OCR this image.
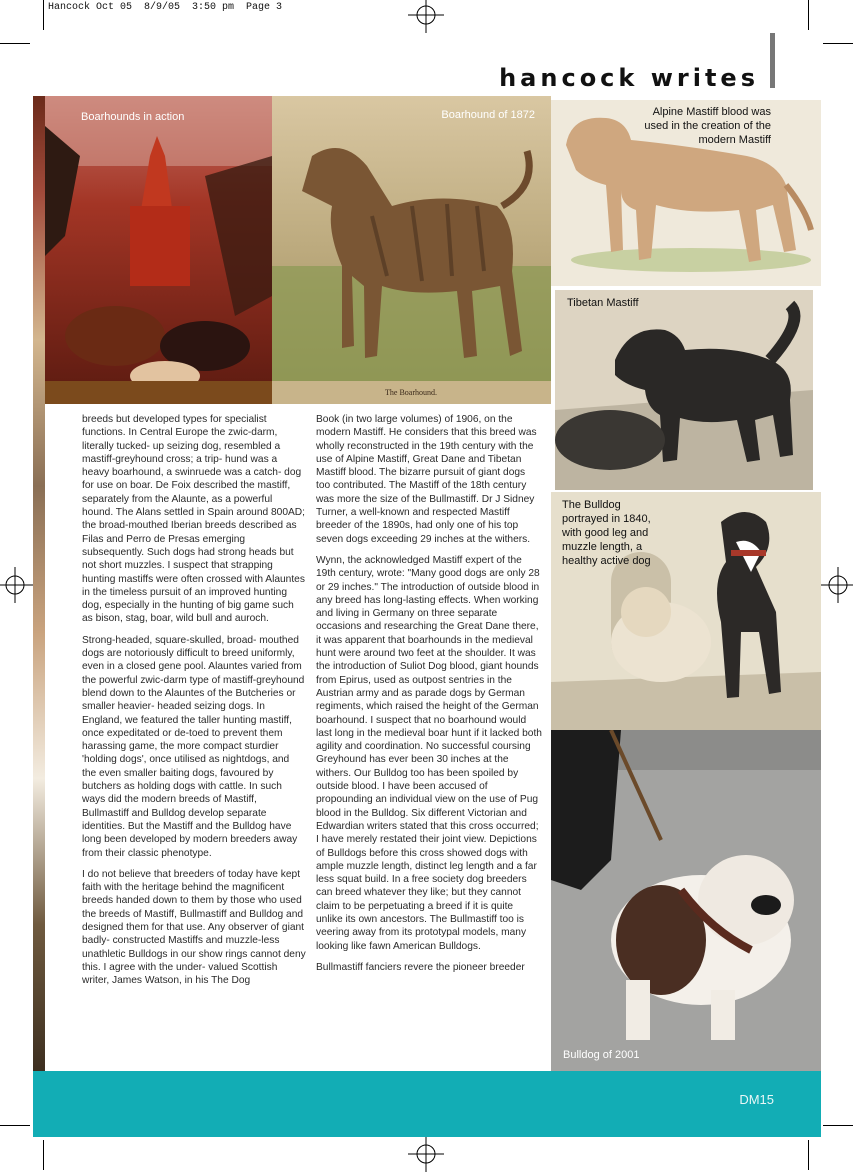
Hancock Oct 05  8/9/05  3:50 pm  Page 3
hancock writes
Boarhounds in action	Boarhound of 1872
The Boarhound.
Alpine Mastiff blood was used in the creation of the modern Mastiff
Tibetan Mastiff
The Bulldog portrayed in 1840, with good leg and muzzle length, a healthy active dog
Bulldog of 2001

breeds but developed types for specialist functions. In Central Europe the zwic-darm, literally tucked- up seizing dog, resembled a mastiff-greyhound cross; a trip- hund was a heavy boarhound, a swinruede was a catch- dog for use on boar. De Foix described the mastiff, separately from the Alaunte, as a powerful hound. The Alans settled in Spain around 800AD; the broad-mouthed Iberian breeds described as Filas and Perro de Presas emerging subsequently. Such dogs had strong heads but not short muzzles. I suspect that strapping hunting mastiffs were often crossed with Alauntes in the timeless pursuit of an improved hunting dog, especially in the hunting of big game such as bison, stag, boar, wild bull and auroch.

Strong-headed, square-skulled, broad- mouthed dogs are notoriously difficult to breed uniformly, even in a closed gene pool. Alauntes varied from the powerful zwic-darm type of mastiff-greyhound blend down to the Alauntes of the Butcheries or smaller heavier- headed seizing dogs. In England, we featured the taller hunting mastiff, once expeditated or de-toed to prevent them harassing game, the more compact sturdier 'holding dogs', once utilised as nightdogs, and the even smaller baiting dogs, favoured by butchers as holding dogs with cattle. In such ways did the modern breeds of Mastiff, Bullmastiff and Bulldog develop separate identities. But the Mastiff and the Bulldog have long been developed by modern breeders away from their classic phenotype.

I do not believe that breeders of today have kept faith with the heritage behind the magnificent breeds handed down to them by those who used the breeds of Mastiff, Bullmastiff and Bulldog and designed them for that use. Any observer of giant badly- constructed Mastiffs and muzzle-less unathletic Bulldogs in our show rings cannot deny this. I agree with the under- valued Scottish writer, James Watson, in his The Dog

Book (in two large volumes) of 1906, on the modern Mastiff. He considers that this breed was wholly reconstructed in the 19th century with the use of Alpine Mastiff, Great Dane and Tibetan Mastiff blood. The bizarre pursuit of giant dogs too contributed. The Mastiff of the 18th century was more the size of the Bullmastiff. Dr J Sidney Turner, a well-known and respected Mastiff breeder of the 1890s, had only one of his top seven dogs exceeding 29 inches at the withers.

Wynn, the acknowledged Mastiff expert of the 19th century, wrote: "Many good dogs are only 28 or 29 inches." The introduction of outside blood in any breed has long-lasting effects. When working and living in Germany on three separate occasions and researching the Great Dane there, it was apparent that boarhounds in the medieval hunt were around two feet at the shoulder. It was the introduction of Suliot Dog blood, giant hounds from Epirus, used as outpost sentries in the Austrian army and as parade dogs by German regiments, which raised the height of the German boarhound. I suspect that no boarhound would last long in the medieval boar hunt if it lacked both agility and coordination. No successful coursing Greyhound has ever been 30 inches at the withers. Our Bulldog too has been spoiled by outside blood. I have been accused of propounding an individual view on the use of Pug blood in the Bulldog. Six different Victorian and Edwardian writers stated that this cross occurred; I have merely restated their joint view. Depictions of Bulldogs before this cross showed dogs with ample muzzle length, distinct leg length and a far less squat build. In a free society dog breeders can breed whatever they like; but they cannot claim to be perpetuating a breed if it is quite unlike its own ancestors. The Bullmastiff too is veering away from its prototypal models, many looking like fawn American Bulldogs.

Bullmastiff fanciers revere the pioneer breeder

DM15
